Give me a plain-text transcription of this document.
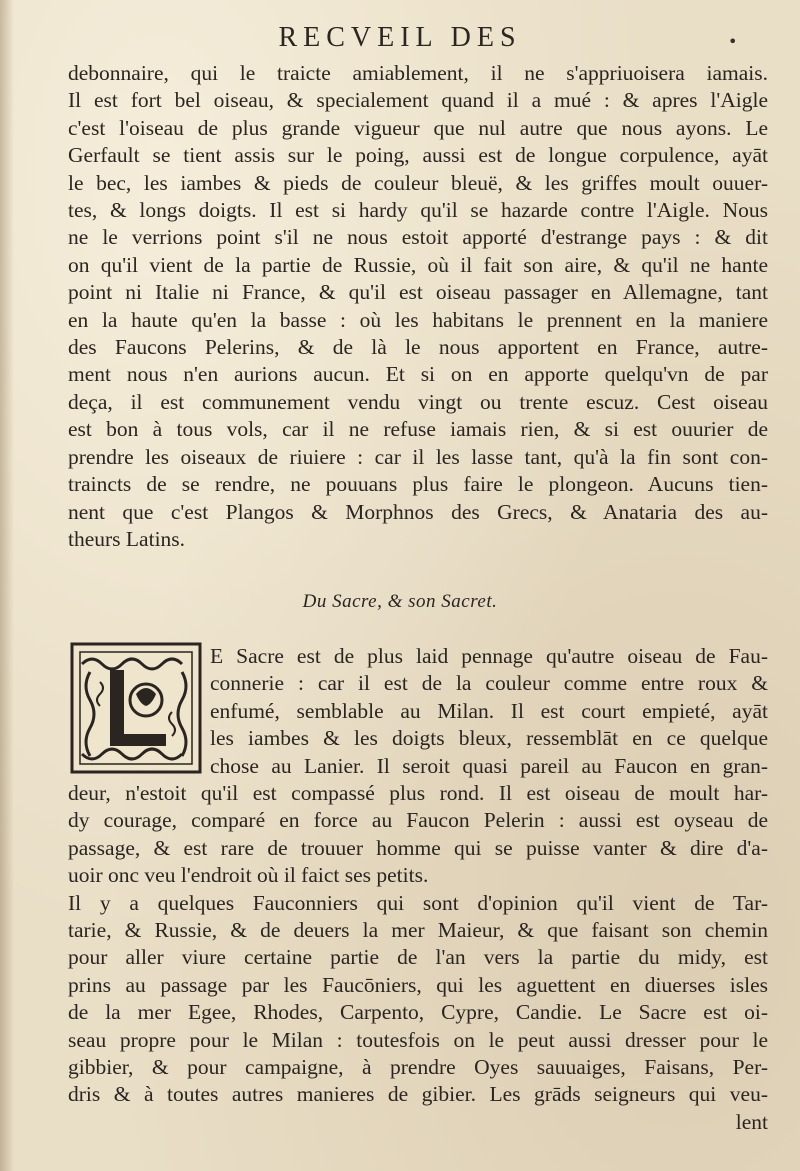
RECVEIL DES	•
debonnaire, qui le traicte amiablement, il ne s'appriuoisera iamais.
Il est fort bel oiseau, & specialement quand il a mué : & apres l'Aigle
c'est l'oiseau de plus grande vigueur que nul autre que nous ayons. Le
Gerfault se tient assis sur le poing, aussi est de longue corpulence, ayāt
le bec, les iambes & pieds de couleur bleuë, & les griffes moult ouuer-
tes, & longs doigts. Il est si hardy qu'il se hazarde contre l'Aigle. Nous
ne le verrions point s'il ne nous estoit apporté d'estrange pays : & dit
on qu'il vient de la partie de Russie, où il fait son aire, & qu'il ne hante
point ni Italie ni France, & qu'il est oiseau passager en Allemagne, tant
en la haute qu'en la basse : où les habitans le prennent en la maniere
des Faucons Pelerins, & de là le nous apportent en France, autre-
ment nous n'en aurions aucun. Et si on en apporte quelqu'vn de par
deça, il est communement vendu vingt ou trente escuz. Cest oiseau
est bon à tous vols, car il ne refuse iamais rien, & si est ouurier de
prendre les oiseaux de riuiere : car il les lasse tant, qu'à la fin sont con-
traincts de se rendre, ne pouuans plus faire le plongeon. Aucuns tien-
nent que c'est Plangos & Morphnos des Grecs, & Anataria des au-
theurs Latins.
Du Sacre, & son Sacret.
E Sacre est de plus laid pennage qu'autre oiseau de Fau-
connerie : car il est de la couleur comme entre roux &
enfumé, semblable au Milan. Il est court empieté, ayāt
les iambes & les doigts bleux, ressemblāt en ce quelque
chose au Lanier. Il seroit quasi pareil au Faucon en gran-
deur, n'estoit qu'il est compassé plus rond. Il est oiseau de moult har-
dy courage, comparé en force au Faucon Pelerin : aussi est oyseau de
passage, & est rare de trouuer homme qui se puisse vanter & dire d'a-
uoir onc veu l'endroit où il faict ses petits.
Il y a quelques Fauconniers qui sont d'opinion qu'il vient de Tar-
tarie, & Russie, & de deuers la mer Maieur, & que faisant son chemin
pour aller viure certaine partie de l'an vers la partie du midy, est
prins au passage par les Faucōniers, qui les aguettent en diuerses isles
de la mer Egee, Rhodes, Carpento, Cypre, Candie. Le Sacre est oi-
seau propre pour le Milan : toutesfois on le peut aussi dresser pour le
gibbier, & pour campaigne, à prendre Oyes sauuaiges, Faisans, Per-
dris & à toutes autres manieres de gibier. Les grāds seigneurs qui veu-
lent
